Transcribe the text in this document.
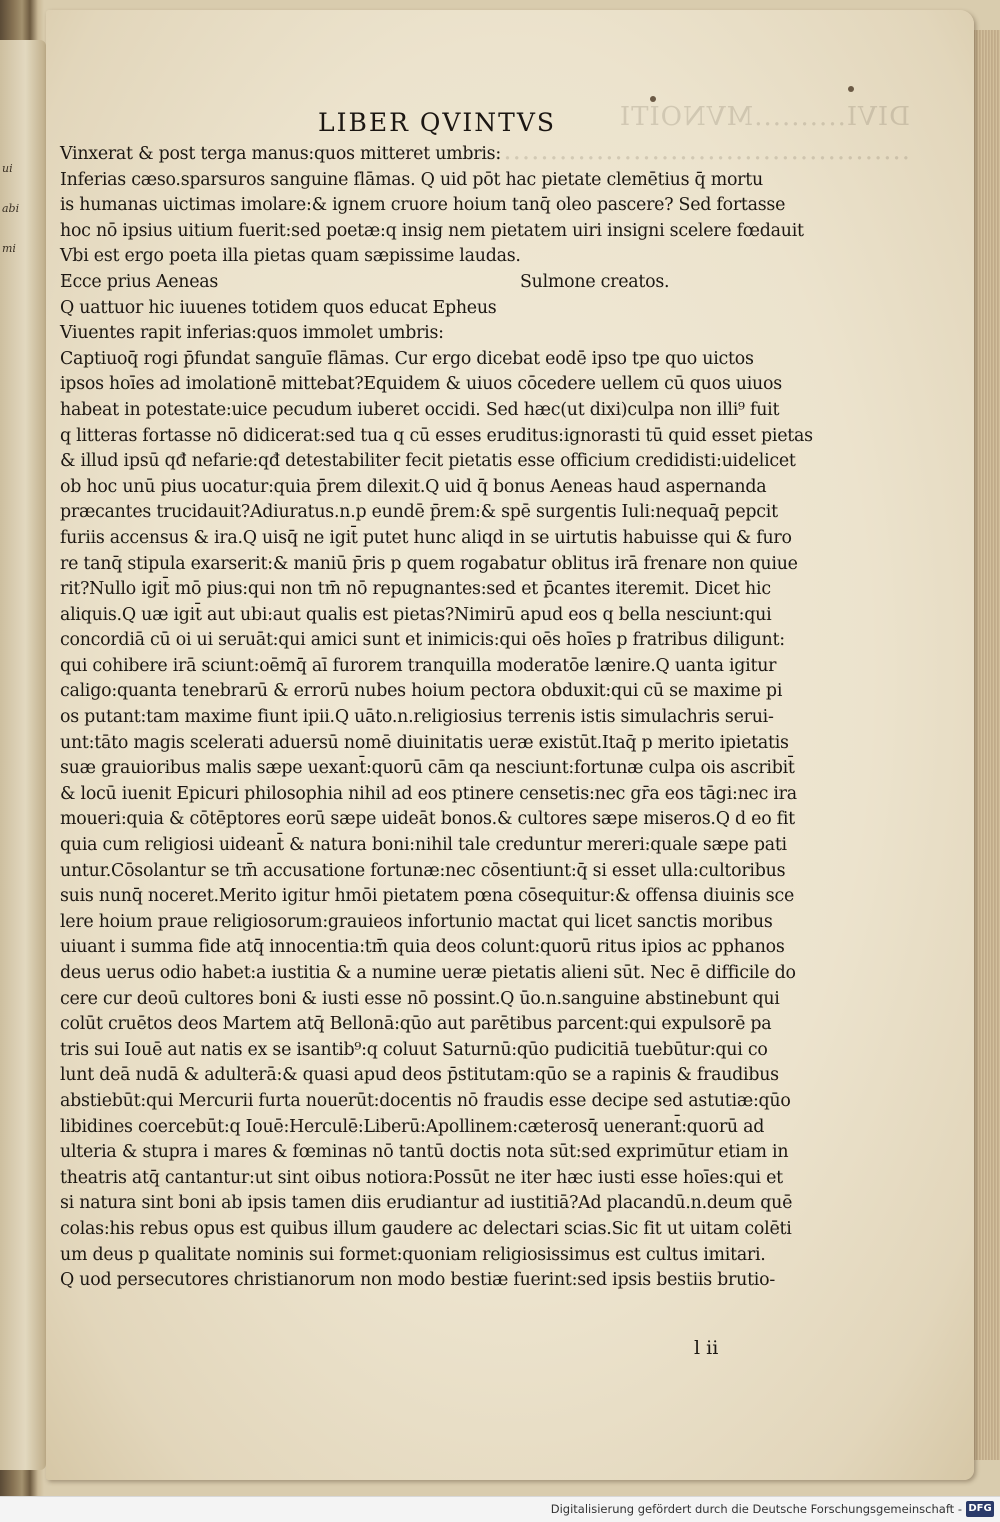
ui
abi
mi
DIVI..........MVNOITI
.................................................
LIBER QVINTVS
Vinxerat & post terga manus:quos mitteret umbris:
Inferias cæso.sparsuros sanguine flāmas. Q uid pōt hac pietate clemētius q̄ mortu
is humanas uictimas imolare:& ignem cruore hoium tanq̄ oleo pascere? Sed fortasse
hoc nō ipsius uitium fuerit:sed poetæ:q insig nem pietatem uiri insigni scelere fœdauit
Vbi est ergo poeta illa pietas quam sæpissime laudas.
Ecce prius Aeneas	Sulmone creatos.
Q uattuor hic iuuenes totidem quos educat Epheus
Viuentes rapit inferias:quos immolet umbris:
Captiuoq̄ rogi p̄fundat sanguīe flāmas. Cur ergo dicebat eodē ipso tpe quo uictos
ipsos hoīes ad imolationē mittebat?Equidem & uiuos cōcedere uellem cū quos uiuos
habeat in potestate:uice pecudum iuberet occidi. Sed hæc(ut dixi)culpa non illi⁹ fuit
q litteras fortasse nō didicerat:sed tua q cū esses eruditus:ignorasti tū quid esset pietas
& illud ipsū qđ nefarie:qđ detestabiliter fecit pietatis esse officium credidisti:uidelicet
ob hoc unū pius uocatur:quia p̄rem dilexit.Q uid q̄ bonus Aeneas haud aspernanda
præcantes trucidauit?Adiuratus.n.p eundē p̄rem:& spē surgentis Iuli:nequaq̄ pepcit
furiis accensus & ira.Q uisq̄ ne igit̄ putet hunc aliqd in se uirtutis habuisse qui & furo
re tanq̄ stipula exarserit:& maniū p̄ris p quem rogabatur oblitus irā frenare non quiue
rit?Nullo igit̄ mō pius:qui non tm̄ nō repugnantes:sed et p̄cantes iteremit. Dicet hic
aliquis.Q uæ igit̄ aut ubi:aut qualis est pietas?Nimirū apud eos q bella nesciunt:qui
concordiā cū oi ui seruāt:qui amici sunt et inimicis:qui oēs hoīes p fratribus diligunt:
qui cohibere irā sciunt:oēmq̄ aī furorem tranquilla moderatōe lænire.Q uanta igitur
caligo:quanta tenebrarū & errorū nubes hoium pectora obduxit:qui cū se maxime pi
os putant:tam maxime fiunt ipii.Q uāto.n.religiosius terrenis istis simulachris serui-
unt:tāto magis scelerati aduersū nomē diuinitatis ueræ existūt.Itaq̄ p merito ipietatis
suæ grauioribus malis sæpe uexant̄:quorū cām qa nesciunt:fortunæ culpa ois ascribit̄
& locū iuenit Epicuri philosophia nihil ad eos ptinere censetis:nec gr̄a eos tāgi:nec ira
moueri:quia & cōtēptores eorū sæpe uideāt bonos.& cultores sæpe miseros.Q d eo fit
quia cum religiosi uideant̄ & natura boni:nihil tale creduntur mereri:quale sæpe pati
untur.Cōsolantur se tm̄ accusatione fortunæ:nec cōsentiunt:q̄ si esset ulla:cultoribus
suis nunq̄ noceret.Merito igitur hmōi pietatem pœna cōsequitur:& offensa diuinis sce
lere hoium praue religiosorum:grauieos infortunio mactat qui licet sanctis moribus
uiuant i summa fide atq̄ innocentia:tm̄ quia deos colunt:quorū ritus ipios ac pphanos
deus uerus odio habet:a iustitia & a numine ueræ pietatis alieni sūt. Nec ē difficile do
cere cur deoū cultores boni & iusti esse nō possint.Q ūo.n.sanguine abstinebunt qui
colūt cruētos deos Martem atq̄ Bellonā:qūo aut parētibus parcent:qui expulsorē pa
tris sui Iouē aut natis ex se isantib⁹:q coluut Saturnū:qūo pudicitiā tuebūtur:qui co
lunt deā nudā & adulterā:& quasi apud deos p̄stitutam:qūo se a rapinis & fraudibus
abstiebūt:qui Mercurii furta nouerūt:docentis nō fraudis esse decipe sed astutiæ:qūo
libidines coercebūt:q Iouē:Herculē:Liberū:Apollinem:cæterosq̄ uenerant̄:quorū ad
ulteria & stupra i mares & fœminas nō tantū doctis nota sūt:sed exprimūtur etiam in
theatris atq̄ cantantur:ut sint oibus notiora:Possūt ne iter hæc iusti esse hoīes:qui et
si natura sint boni ab ipsis tamen diis erudiantur ad iustitiā?Ad placandū.n.deum quē
colas:his rebus opus est quibus illum gaudere ac delectari scias.Sic fit ut uitam colēti
um deus p qualitate nominis sui formet:quoniam religiosissimus est cultus imitari.
Q uod persecutores christianorum non modo bestiæ fuerint:sed ipsis bestiis brutio-
l ii
Digitalisierung gefördert durch die Deutsche Forschungsgemeinschaft - DFG
